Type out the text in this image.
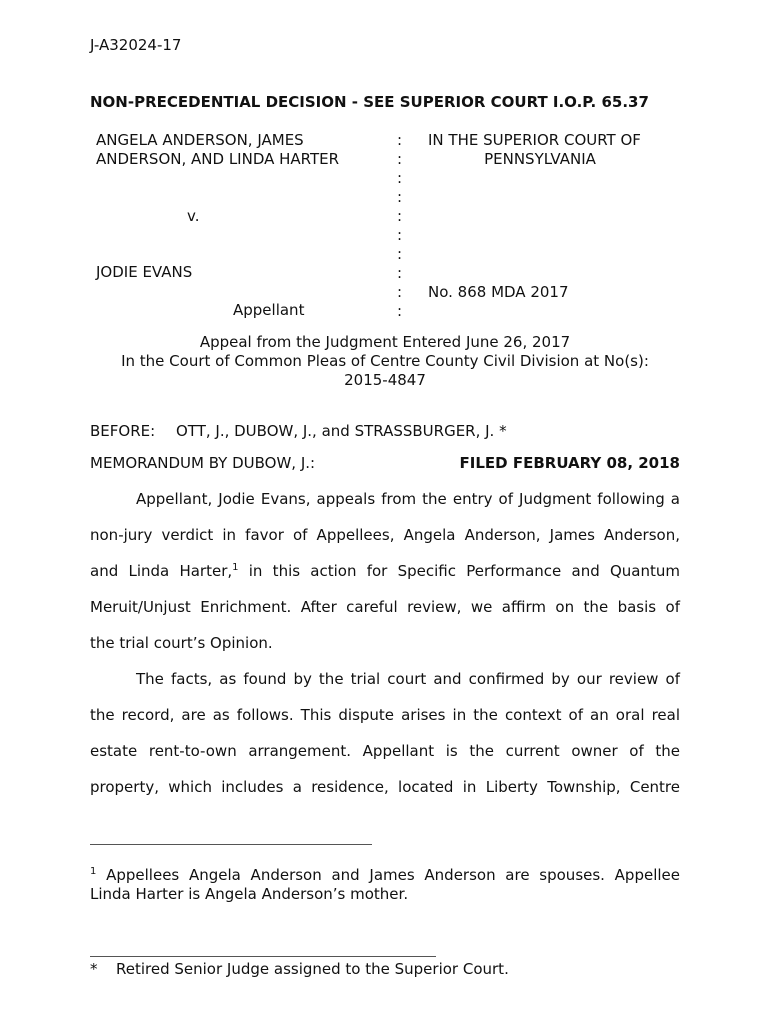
J-A32024-17
NON-PRECEDENTIAL DECISION - SEE SUPERIOR COURT I.O.P. 65.37
ANGELA ANDERSON, JAMES
ANDERSON, AND LINDA HARTER
v.
JODIE EVANS
Appellant
:
:
:
:
:
:
:
:
:
:
IN THE SUPERIOR COURT OF
PENNSYLVANIA
No. 868 MDA 2017
Appeal from the Judgment Entered June 26, 2017
In the Court of Common Pleas of Centre County Civil Division at No(s):
2015-4847
BEFORE: OTT, J., DUBOW, J., and STRASSBURGER, J. *
MEMORANDUM BY DUBOW, J.:	FILED FEBRUARY 08, 2018
Appellant, Jodie Evans, appeals from the entry of Judgment following a
non-jury verdict in favor of Appellees, Angela Anderson, James Anderson,
and Linda Harter,$^1$ in this action for Specific Performance and Quantum
Meruit/Unjust Enrichment. After careful review, we affirm on the basis of
the trial court’s Opinion.
The facts, as found by the trial court and confirmed by our review of
the record, are as follows. This dispute arises in the context of an oral real
estate rent-to-own arrangement. Appellant is the current owner of the
property, which includes a residence, located in Liberty Township, Centre
$^1$ Appellees Angela Anderson and James Anderson are spouses. Appellee
Linda Harter is Angela Anderson’s mother.
* Retired Senior Judge assigned to the Superior Court.
